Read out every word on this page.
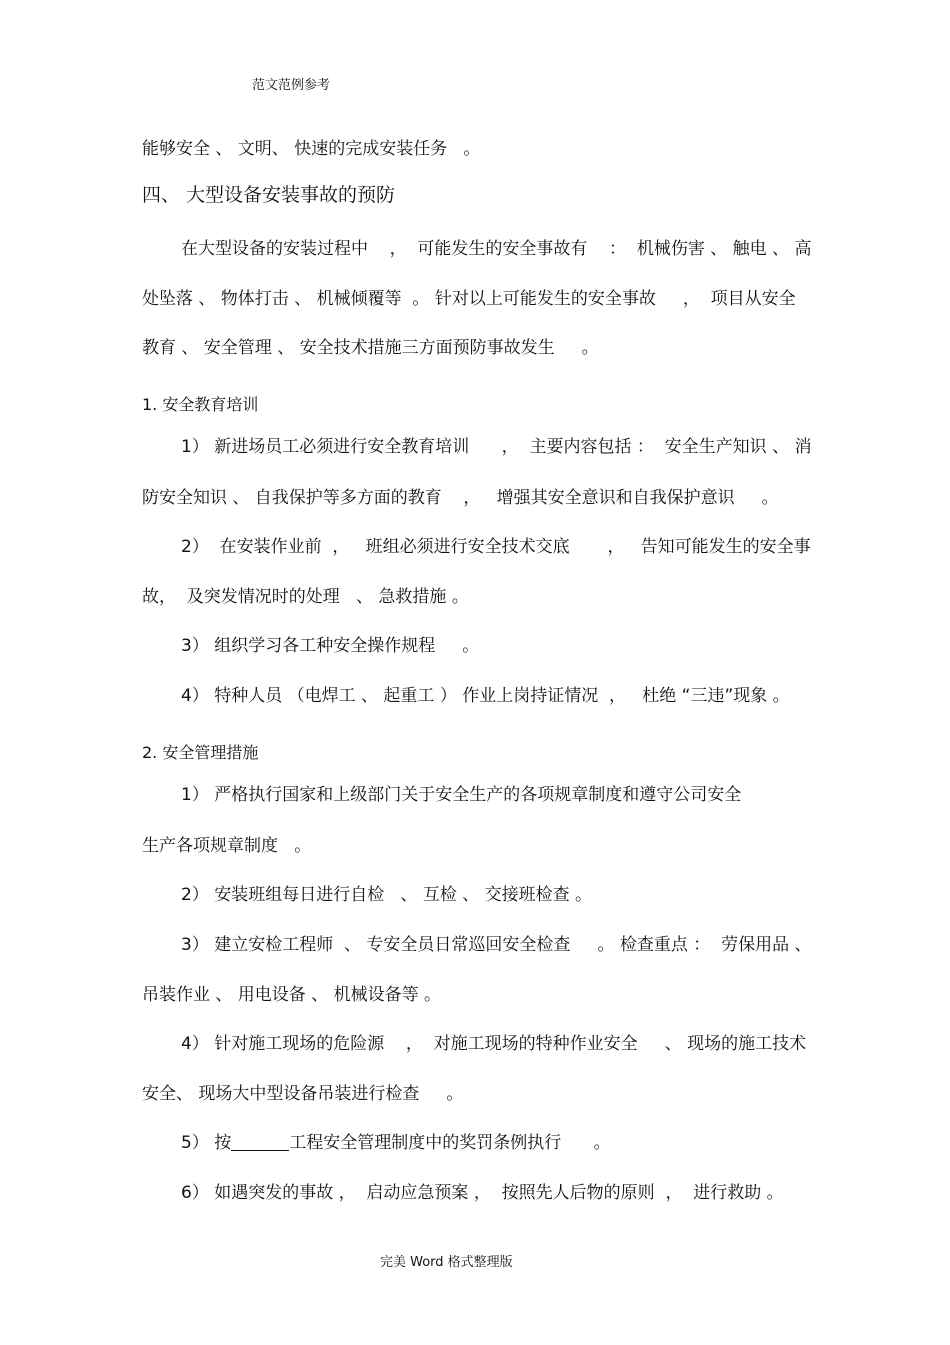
范文范例参考
能够安全 、 文明、 快速的完成安装任务   。
四、 大型设备安装事故的预防
在大型设备的安装过程中    ，  可能发生的安全事故有    ：  机械伤害 、 触电 、 高
处坠落 、 物体打击 、 机械倾覆等  。 针对以上可能发生的安全事故     ，  项目从安全
教育 、 安全管理 、 安全技术措施三方面预防事故发生     。
1. 安全教育培训
1） 新进场员工必须进行安全教育培训      ，  主要内容包括 ：  安全生产知识 、 消
防安全知识 、 自我保护等多方面的教育    ，   增强其安全意识和自我保护意识     。
2）  在安装作业前  ，   班组必须进行安全技术交底       ，   告知可能发生的安全事
故，  及突发情况时的处理   、 急救措施 。
3） 组织学习各工种安全操作规程     。
4） 特种人员 （电焊工 、 起重工 ） 作业上岗持证情况  ，   杜绝 “三违”现象 。
2. 安全管理措施
1） 严格执行国家和上级部门关于安全生产的各项规章制度和遵守公司安全
生产各项规章制度   。
2） 安装班组每日进行自检   、 互检 、 交接班检查 。
3） 建立安检工程师  、 专安全员日常巡回安全检查     。 检查重点 ：  劳保用品 、
吊装作业 、 用电设备 、 机械设备等 。
4） 针对施工现场的危险源    ，  对施工现场的特种作业安全     、 现场的施工技术
安全、 现场大中型设备吊装进行检查     。
5） 按	工程安全管理制度中的奖罚条例执行      。
6） 如遇突发的事故 ，  启动应急预案 ，  按照先人后物的原则  ，  进行救助 。
完美 Word 格式整理版
